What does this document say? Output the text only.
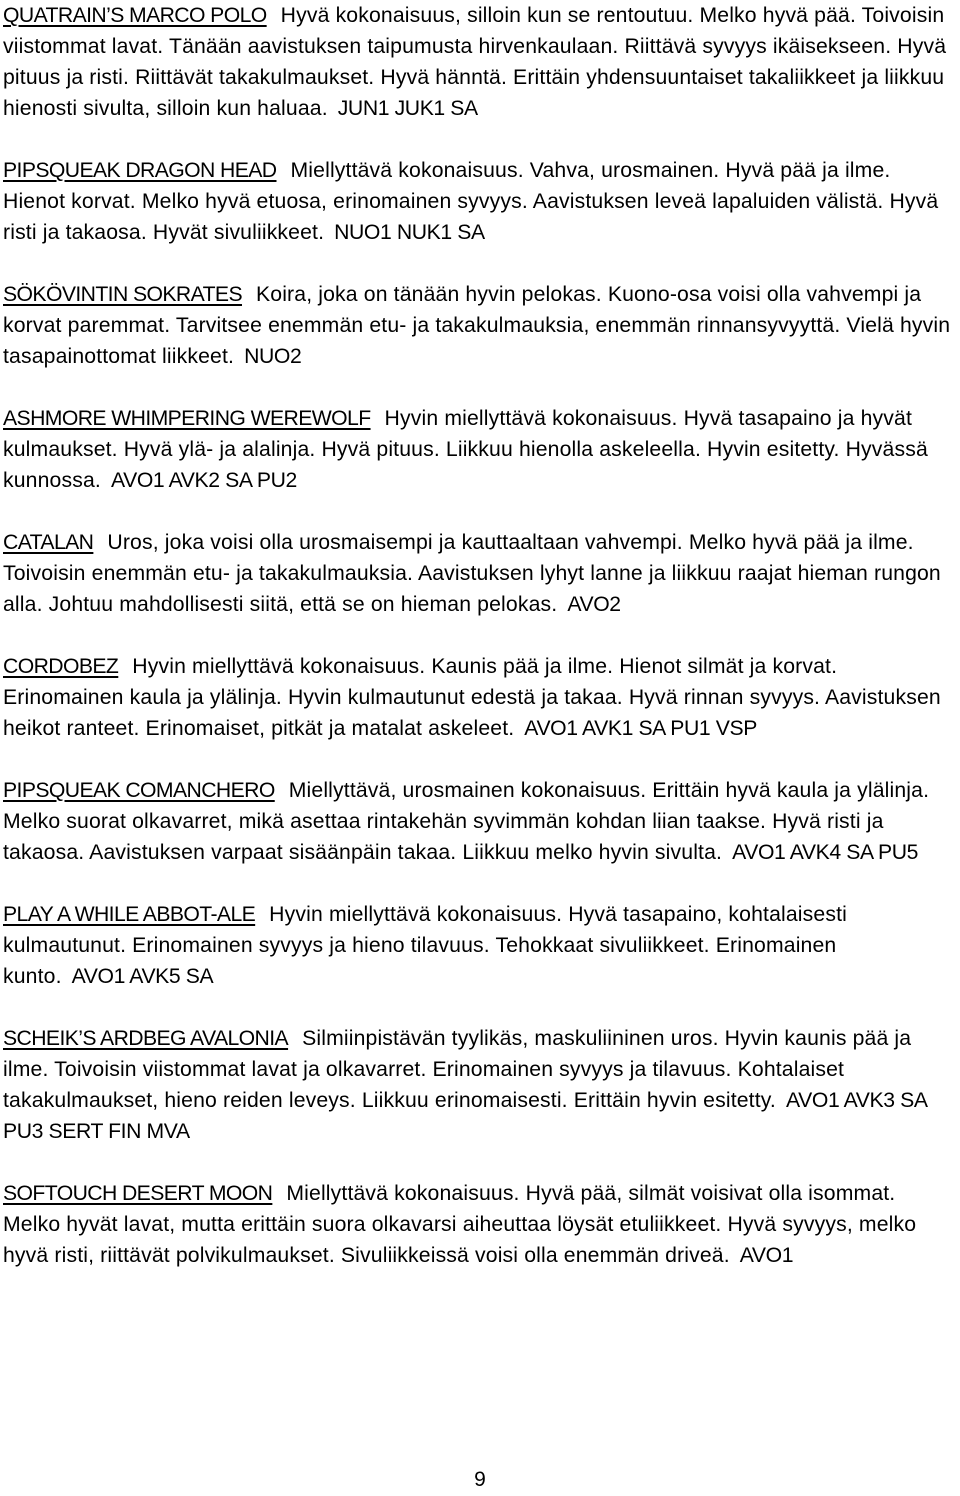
QUATRAIN’S MARCO POLO Hyvä kokonaisuus, silloin kun se rentoutuu. Melko hyvä pää. Toivoisin viistommat lavat. Tänään aavistuksen taipumusta hirvenkaulaan. Riittävä syvyys ikäisekseen. Hyvä pituus ja risti. Riittävät takakulmaukset. Hyvä hänntä. Erittäin yhdensuuntaiset takaliikkeet ja liikkuu hienosti sivulta, silloin kun haluaa. JUN1 JUK1 SA

PIPSQUEAK DRAGON HEAD Miellyttävä kokonaisuus. Vahva, urosmainen. Hyvä pää ja ilme. Hienot korvat. Melko hyvä etuosa, erinomainen syvyys. Aavistuksen leveä lapaluiden välistä. Hyvä risti ja takaosa. Hyvät sivuliikkeet. NUO1 NUK1 SA

SÖKÖVINTIN SOKRATES Koira, joka on tänään hyvin pelokas. Kuono-osa voisi olla vahvempi ja korvat paremmat. Tarvitsee enemmän etu- ja takakulmauksia, enemmän rinnansyvyyttä. Vielä hyvin tasapainottomat liikkeet. NUO2

ASHMORE WHIMPERING WEREWOLF Hyvin miellyttävä kokonaisuus. Hyvä tasapaino ja hyvät kulmaukset. Hyvä ylä- ja alalinja. Hyvä pituus. Liikkuu hienolla askeleella. Hyvin esitetty. Hyvässä kunnossa. AVO1 AVK2 SA PU2

CATALAN Uros, joka voisi olla urosmaisempi ja kauttaaltaan vahvempi. Melko hyvä pää ja ilme. Toivoisin enemmän etu- ja takakulmauksia. Aavistuksen lyhyt lanne ja liikkuu raajat hieman rungon alla. Johtuu mahdollisesti siitä, että se on hieman pelokas. AVO2

CORDOBEZ Hyvin miellyttävä kokonaisuus. Kaunis pää ja ilme. Hienot silmät ja korvat. Erinomainen kaula ja ylälinja. Hyvin kulmautunut edestä ja takaa. Hyvä rinnan syvyys. Aavistuksen heikot ranteet. Erinomaiset, pitkät ja matalat askeleet. AVO1 AVK1 SA PU1 VSP

PIPSQUEAK COMANCHERO Miellyttävä, urosmainen kokonaisuus. Erittäin hyvä kaula ja ylälinja. Melko suorat olkavarret, mikä asettaa rintakehän syvimmän kohdan liian taakse. Hyvä risti ja takaosa. Aavistuksen varpaat sisäänpäin takaa. Liikkuu melko hyvin sivulta. AVO1 AVK4 SA PU5

PLAY A WHILE ABBOT-ALE Hyvin miellyttävä kokonaisuus. Hyvä tasapaino, kohtalaisesti kulmautunut. Erinomainen syvyys ja hieno tilavuus. Tehokkaat sivuliikkeet. Erinomainen kunto. AVO1 AVK5 SA

SCHEIK’S ARDBEG AVALONIA Silmiinpistävän tyylikäs, maskuliininen uros. Hyvin kaunis pää ja ilme. Toivoisin viistommat lavat ja olkavarret. Erinomainen syvyys ja tilavuus. Kohtalaiset takakulmaukset, hieno reiden leveys. Liikkuu erinomaisesti. Erittäin hyvin esitetty. AVO1 AVK3 SA PU3 SERT FIN MVA

SOFTOUCH DESERT MOON Miellyttävä kokonaisuus. Hyvä pää, silmät voisivat olla isommat. Melko hyvät lavat, mutta erittäin suora olkavarsi aiheuttaa löysät etuliikkeet. Hyvä syvyys, melko hyvä risti, riittävät polvikulmaukset. Sivuliikkeissä voisi olla enemmän driveä. AVO1

9
